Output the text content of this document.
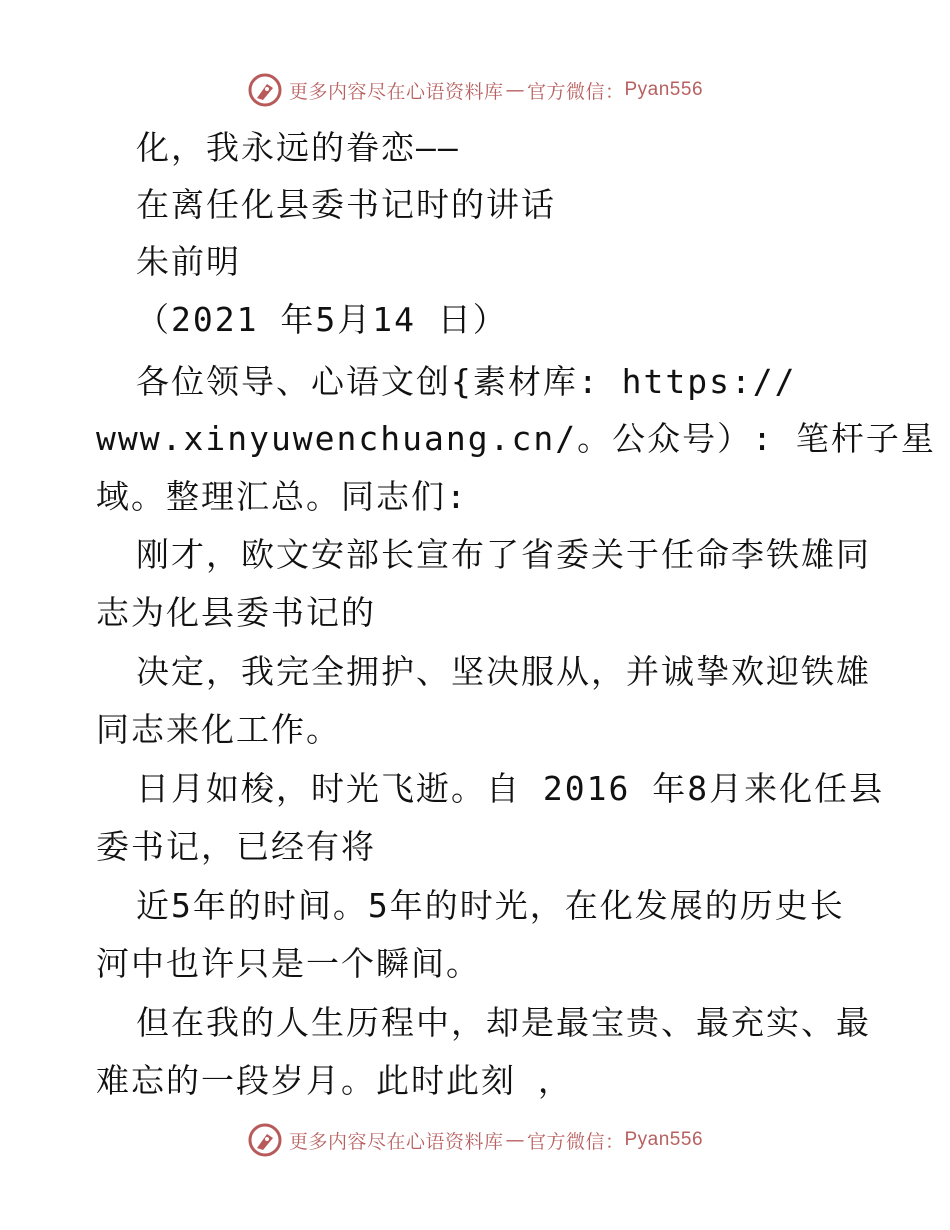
更多内容尽在心语资料库 — 官方微信： Pyan556
化，我永远的眷恋——
在离任化县委书记时的讲话
朱前明
（2021 年5月14 日）
各位领导、心语文创{素材库: https://
www.xinyuwenchuang.cn/。公众号）: 笔杆子星
域。整理汇总。同志们:
刚才，欧文安部长宣布了省委关于任命李铁雄同
志为化县委书记的
决定，我完全拥护、坚决服从，并诚挚欢迎铁雄
同志来化工作。
日月如梭，时光飞逝。自 2016 年8月来化任县
委书记，已经有将
近5年的时间。5年的时光，在化发展的历史长
河中也许只是一个瞬间。
但在我的人生历程中，却是最宝贵、最充实、最
难忘的一段岁月。此时此刻 ，
更多内容尽在心语资料库 — 官方微信： Pyan556
